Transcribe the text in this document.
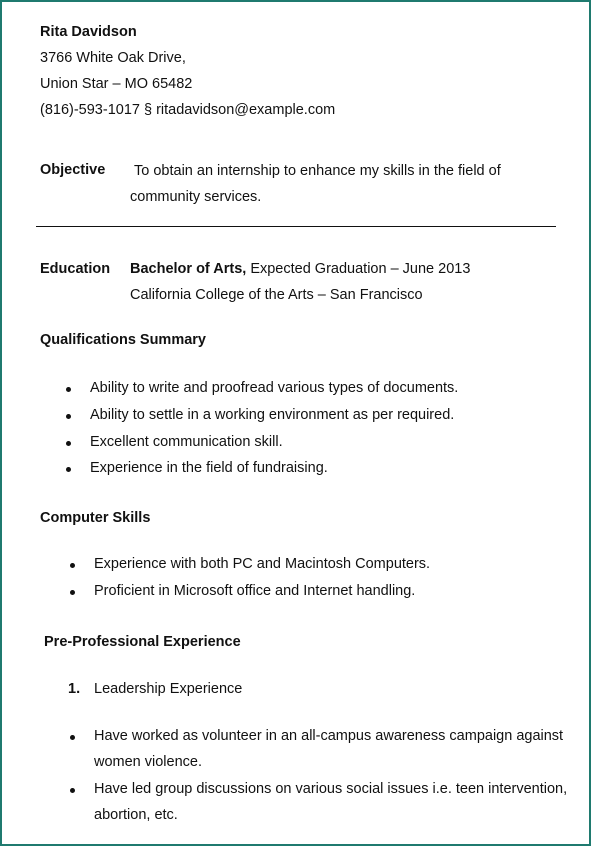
Rita Davidson
3766 White Oak Drive,
Union Star – MO 65482
(816)-593-1017 § ritadavidson@example.com
Objective To obtain an internship to enhance my skills in the field of
community services.
Education Bachelor of Arts, Expected Graduation – June 2013
California College of the Arts – San Francisco
Qualifications Summary
Ability to write and proofread various types of documents.
Ability to settle in a working environment as per required.
Excellent communication skill.
Experience in the field of fundraising.
Computer Skills
Experience with both PC and Macintosh Computers.
Proficient in Microsoft office and Internet handling.
Pre-Professional Experience
1. Leadership Experience
Have worked as volunteer in an all-campus awareness campaign against
women violence.
Have led group discussions on various social issues i.e. teen intervention,
abortion, etc.
